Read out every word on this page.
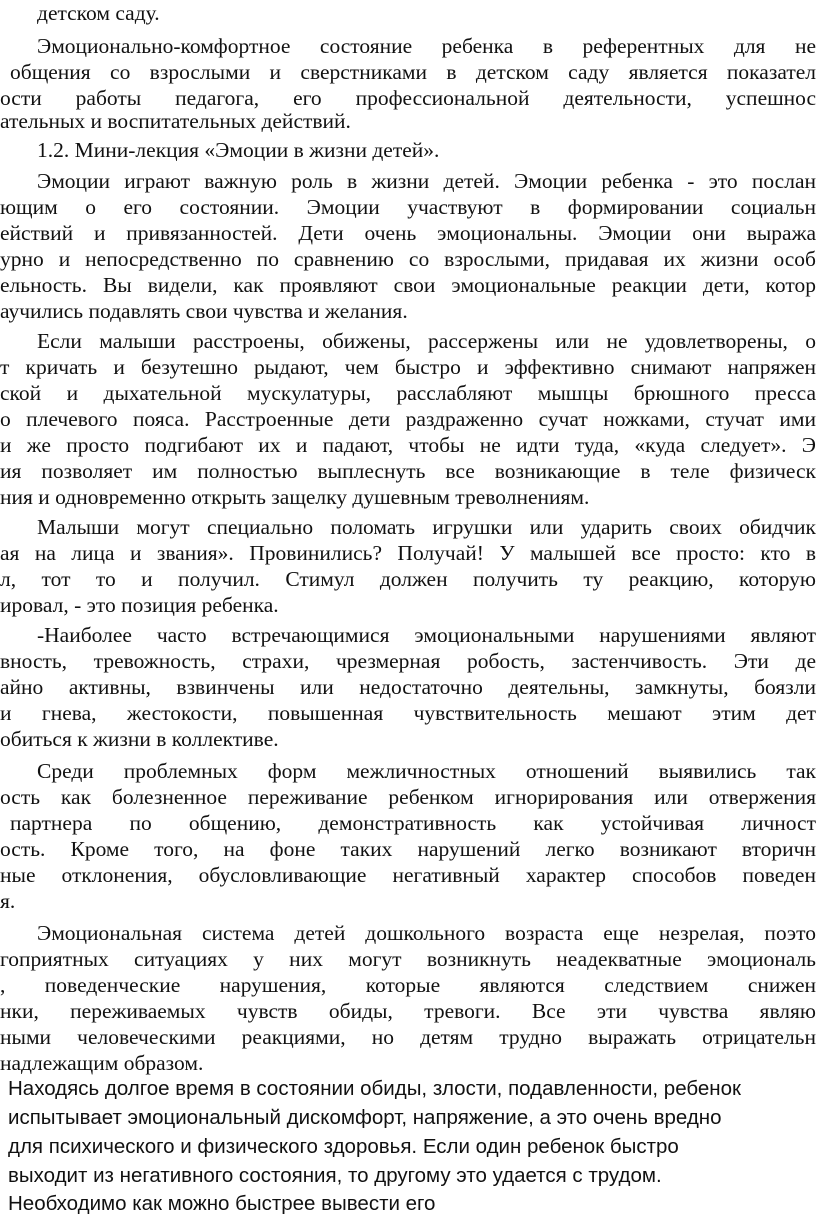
детском саду.
Эмоционально-комфортное состояние ребенка в референтных для не
общения со взрослыми и сверстниками в детском саду является показател
ости работы педагога, его профессиональной деятельности, успешнос
ательных и воспитательных действий.
1.2. Мини-лекция «Эмоции в жизни детей».
Эмоции играют важную роль в жизни детей. Эмоции ребенка - это послан
ющим о его состоянии. Эмоции участвуют в формировании социальн
ействий и привязанностей. Дети очень эмоциональны. Эмоции они выража
урно и непосредственно по сравнению со взрослыми, придавая их жизни особ
ельность. Вы видели, как проявляют свои эмоциональные реакции дети, котор
аучились подавлять свои чувства и желания.
Если малыши расстроены, обижены, рассержены или не удовлетворены, о
т кричать и безутешно рыдают, чем быстро и эффективно снимают напряжен
ской и дыхательной мускулатуры, расслабляют мышцы брюшного пресса
о плечевого пояса. Расстроенные дети раздраженно сучат ножками, стучат ими
и же просто подгибают их и падают, чтобы не идти туда, «куда следует». Э
ия позволяет им полностью выплеснуть все возникающие в теле физическ
ния и одновременно открыть защелку душевным треволнениям.
Малыши могут специально поломать игрушки или ударить своих обидчик
ая на лица и звания». Провинились? Получай! У малышей все просто: кто в
л, тот то и получил. Стимул должен получить ту реакцию, которую
ировал, - это позиция ребенка.
-Наиболее часто встречающимися эмоциональными нарушениями являют
вность, тревожность, страхи, чрезмерная робость, застенчивость. Эти де
айно активны, взвинчены или недостаточно деятельны, замкнуты, боязли
и гнева, жестокости, повышенная чувствительность мешают этим дет
обиться к жизни в коллективе.
Среди проблемных форм межличностных отношений выявились так
ость как болезненное переживание ребенком игнорирования или отвержения
партнера по общению, демонстративность как устойчивая личност
ость. Кроме того, на фоне таких нарушений легко возникают вторичн
ные отклонения, обусловливающие негативный характер способов поведен
я.
Эмоциональная система детей дошкольного возраста еще незрелая, поэто
гоприятных ситуациях у них могут возникнуть неадекватные эмоциональ
, поведенческие нарушения, которые являются следствием снижен
нки, переживаемых чувств обиды, тревоги. Все эти чувства являю
ными человеческими реакциями, но детям трудно выражать отрицательн
надлежащим образом.
Находясь долгое время в состоянии обиды, злости, подавленности, ребенок
испытывает эмоциональный дискомфорт, напряжение, а это очень вредно
для психического и физического здоровья. Если один ребенок быстро
выходит из негативного состояния, то другому это удается с трудом.
Необходимо как можно быстрее вывести его
